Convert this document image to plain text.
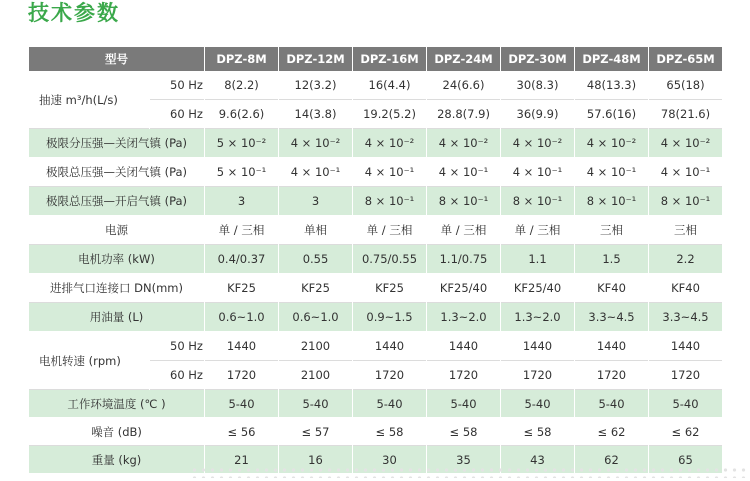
技术参数
型号		DPZ-8M	DPZ-12M	DPZ-16M	DPZ-24M	DPZ-30M	DPZ-48M	DPZ-65M
抽速 m³/h(L/s)	50 Hz	8(2.2)	12(3.2)	16(4.4)	24(6.6)	30(8.3)	48(13.3)	65(18)
	60 Hz	9.6(2.6)	14(3.8)	19.2(5.2)	28.8(7.9)	36(9.9)	57.6(16)	78(21.6)
极限分压强—关闭气镇 (Pa)		5 × 10⁻²	4 × 10⁻²	4 × 10⁻²	4 × 10⁻²	4 × 10⁻²	4 × 10⁻²	4 × 10⁻²
极限总压强—关闭气镇 (Pa)		5 × 10⁻¹	4 × 10⁻¹	4 × 10⁻¹	4 × 10⁻¹	4 × 10⁻¹	4 × 10⁻¹	4 × 10⁻¹
极限总压强—开启气镇 (Pa)		3	3	8 × 10⁻¹	8 × 10⁻¹	8 × 10⁻¹	8 × 10⁻¹	8 × 10⁻¹
电源		单 / 三相	单相	单 / 三相	单 / 三相	单 / 三相	三相	三相
电机功率 (kW)		0.4/0.37	0.55	0.75/0.55	1.1/0.75	1.1	1.5	2.2
进排气口连接口 DN(mm)		KF25	KF25	KF25	KF25/40	KF25/40	KF40	KF40
用油量 (L)		0.6~1.0	0.6~1.0	0.9~1.5	1.3~2.0	1.3~2.0	3.3~4.5	3.3~4.5
电机转速 (rpm)	50 Hz	1440	2100	1440	1440	1440	1440	1440
	60 Hz	1720	2100	1720	1720	1720	1720	1720
工作环境温度 (℃ )		5-40	5-40	5-40	5-40	5-40	5-40	5-40
噪音 (dB)		≤ 56	≤ 57	≤ 58	≤ 58	≤ 58	≤ 62	≤ 62
重量 (kg)		21	16	30	35	43	62	65
